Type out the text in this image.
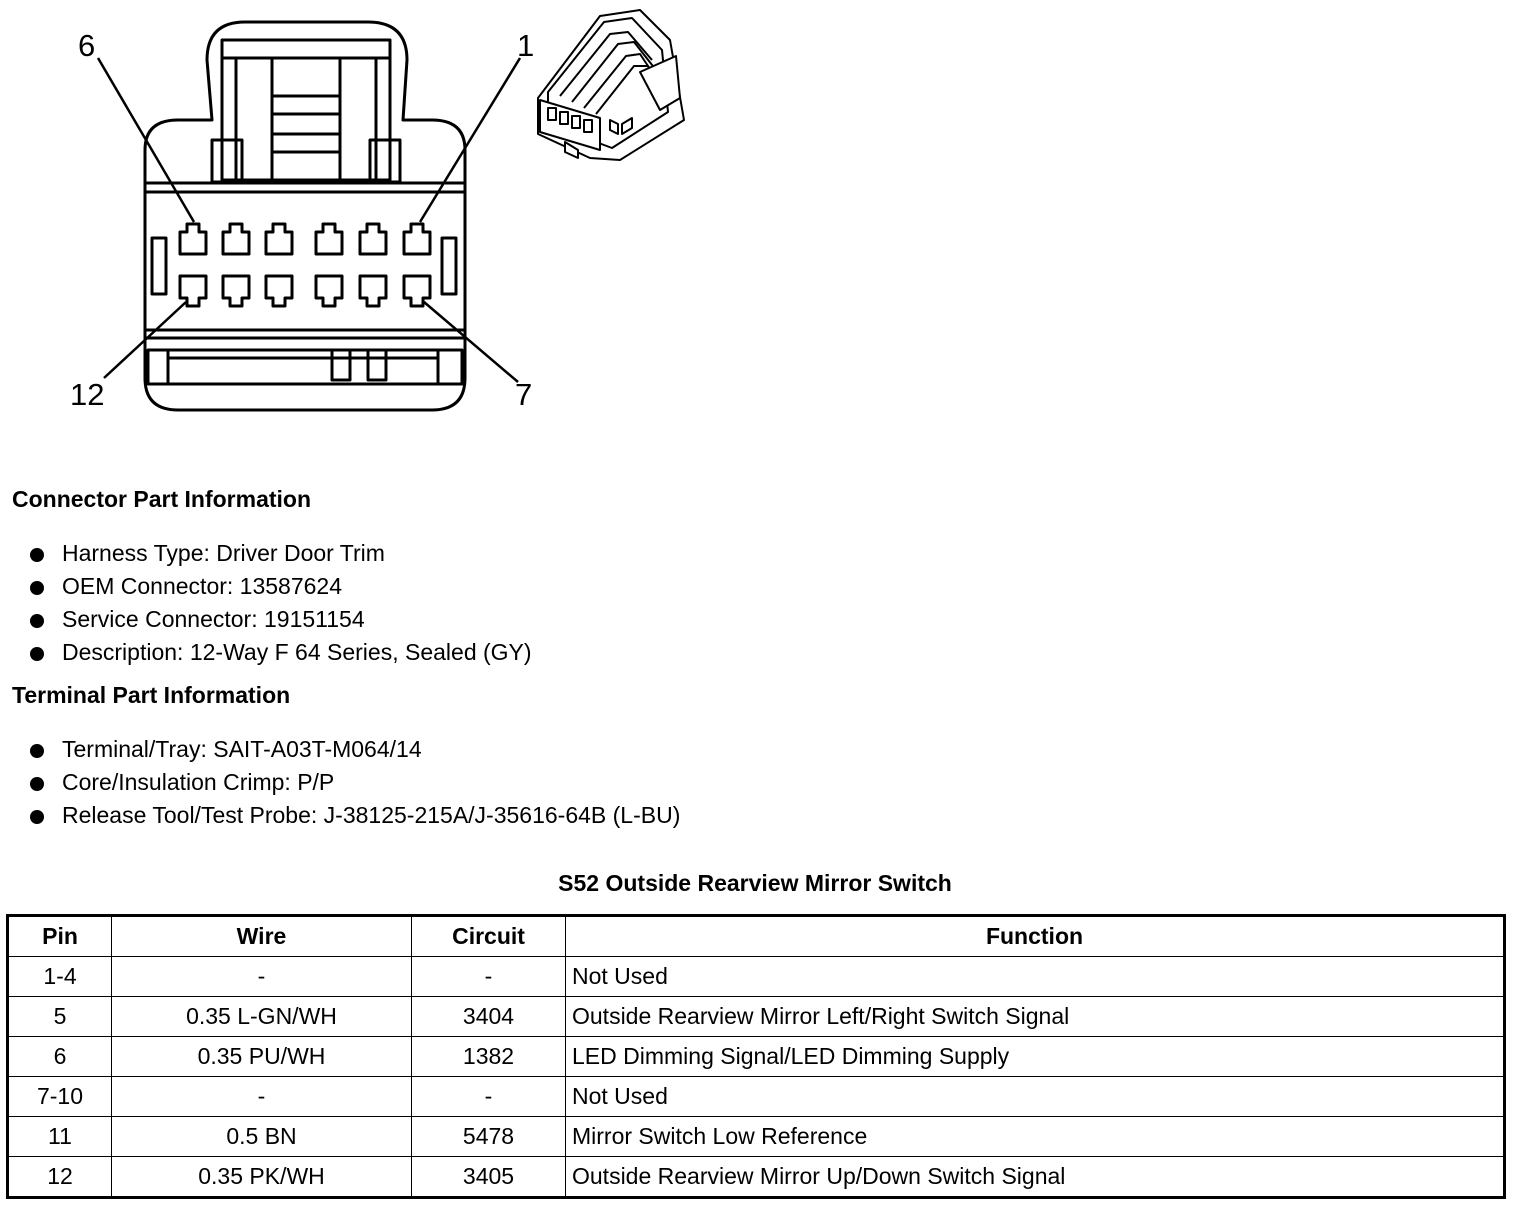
6	1
12	7
Connector Part Information
Harness Type: Driver Door Trim
OEM Connector: 13587624
Service Connector: 19151154
Description: 12-Way F 64 Series, Sealed (GY)
Terminal Part Information
Terminal/Tray: SAIT-A03T-M064/14
Core/Insulation Crimp: P/P
Release Tool/Test Probe: J-38125-215A/J-35616-64B (L-BU)
S52 Outside Rearview Mirror Switch
Pin	Wire	Circuit	Function
1-4	-	-	Not Used
5	0.35 L-GN/WH	3404	Outside Rearview Mirror Left/Right Switch Signal
6	0.35 PU/WH	1382	LED Dimming Signal/LED Dimming Supply
7-10	-	-	Not Used
11	0.5 BN	5478	Mirror Switch Low Reference
12	0.35 PK/WH	3405	Outside Rearview Mirror Up/Down Switch Signal
